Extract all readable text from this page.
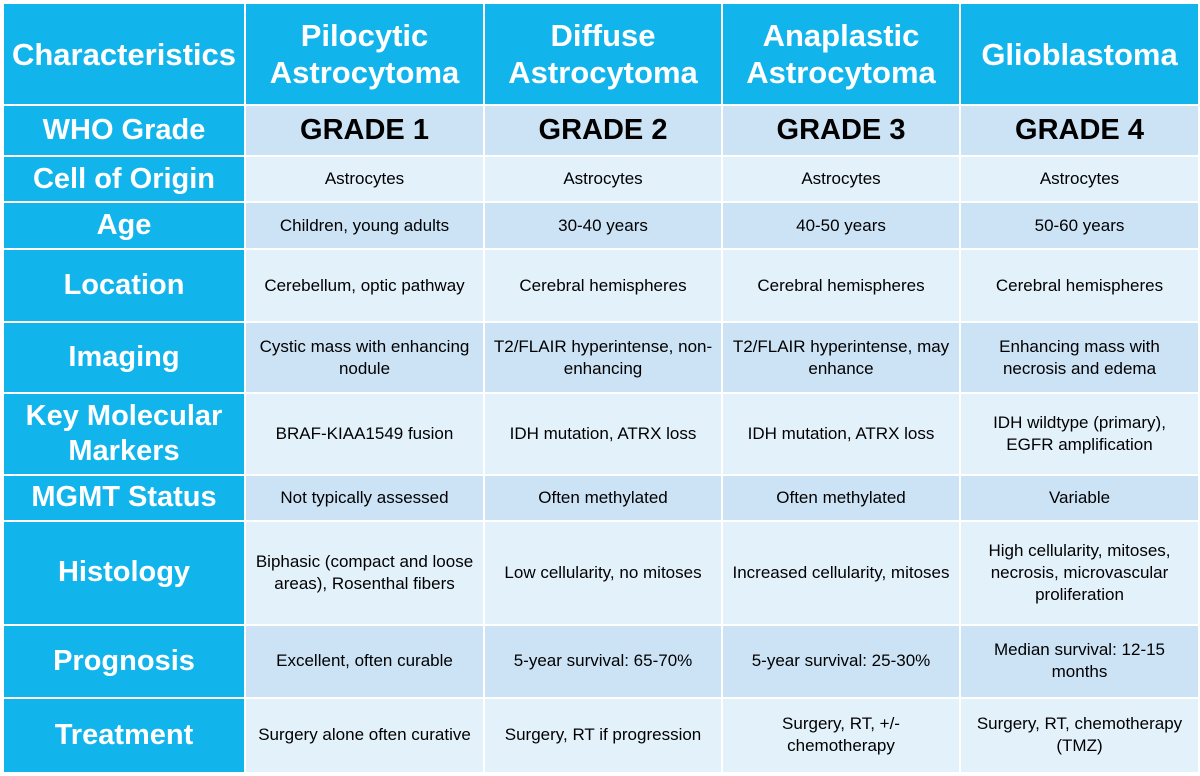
Characteristics	Pilocytic Astrocytoma	Diffuse Astrocytoma	Anaplastic Astrocytoma	Glioblastoma
WHO Grade	GRADE 1	GRADE 2	GRADE 3	GRADE 4
Cell of Origin	Astrocytes	Astrocytes	Astrocytes	Astrocytes
Age	Children, young adults	30-40 years	40-50 years	50-60 years
Location	Cerebellum, optic pathway	Cerebral hemispheres	Cerebral hemispheres	Cerebral hemispheres
Imaging	Cystic mass with enhancing nodule	T2/FLAIR hyperintense, non-enhancing	T2/FLAIR hyperintense, may enhance	Enhancing mass with necrosis and edema
Key Molecular Markers	BRAF-KIAA1549 fusion	IDH mutation, ATRX loss	IDH mutation, ATRX loss	IDH wildtype (primary), EGFR amplification
MGMT Status	Not typically assessed	Often methylated	Often methylated	Variable
Histology	Biphasic (compact and loose areas), Rosenthal fibers	Low cellularity, no mitoses	Increased cellularity, mitoses	High cellularity, mitoses, necrosis, microvascular proliferation
Prognosis	Excellent, often curable	5-year survival: 65-70%	5-year survival: 25-30%	Median survival: 12-15 months
Treatment	Surgery alone often curative	Surgery, RT if progression	Surgery, RT, +/- chemotherapy	Surgery, RT, chemotherapy (TMZ)
